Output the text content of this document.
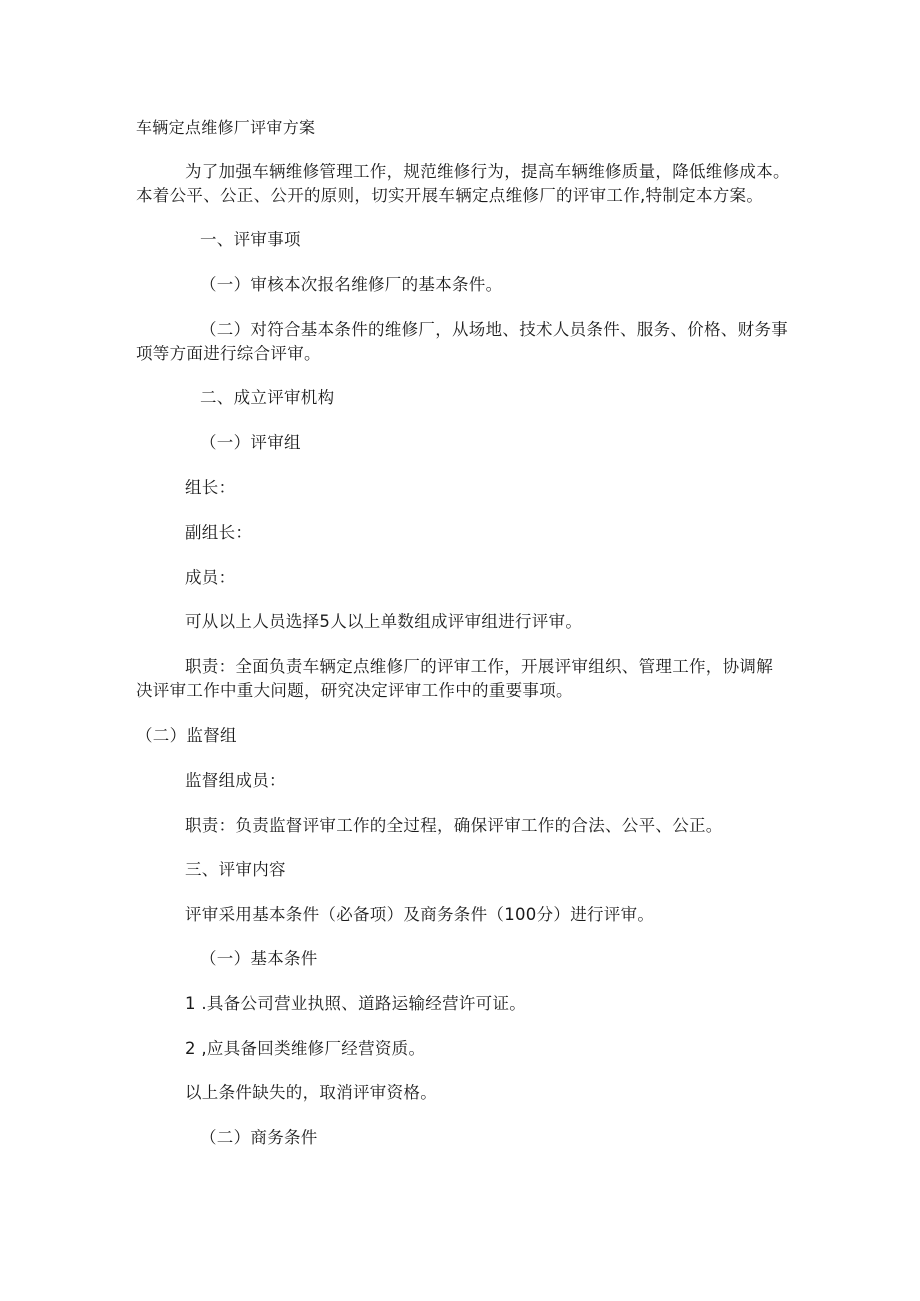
车辆定点维修厂评审方案
为了加强车辆维修管理工作，规范维修行为，提高车辆维修质量，降低维修成本。
本着公平、公正、公开的原则，切实开展车辆定点维修厂的评审工作,特制定本方案。
一、评审事项
（一）审核本次报名维修厂的基本条件。
（二）对符合基本条件的维修厂，从场地、技术人员条件、服务、价格、财务事
项等方面进行综合评审。
二、成立评审机构
（一）评审组
组长：
副组长：
成员：
可从以上人员选择5人以上单数组成评审组进行评审。
职责：全面负责车辆定点维修厂的评审工作，开展评审组织、管理工作，协调解
决评审工作中重大问题，研究决定评审工作中的重要事项。
（二）监督组
监督组成员：
职责：负责监督评审工作的全过程，确保评审工作的合法、公平、公正。
三、评审内容
评审采用基本条件（必备项）及商务条件（100分）进行评审。
（一）基本条件
1 .具备公司营业执照、道路运输经营许可证。
2 ,应具备回类维修厂经营资质。
以上条件缺失的，取消评审资格。
（二）商务条件
